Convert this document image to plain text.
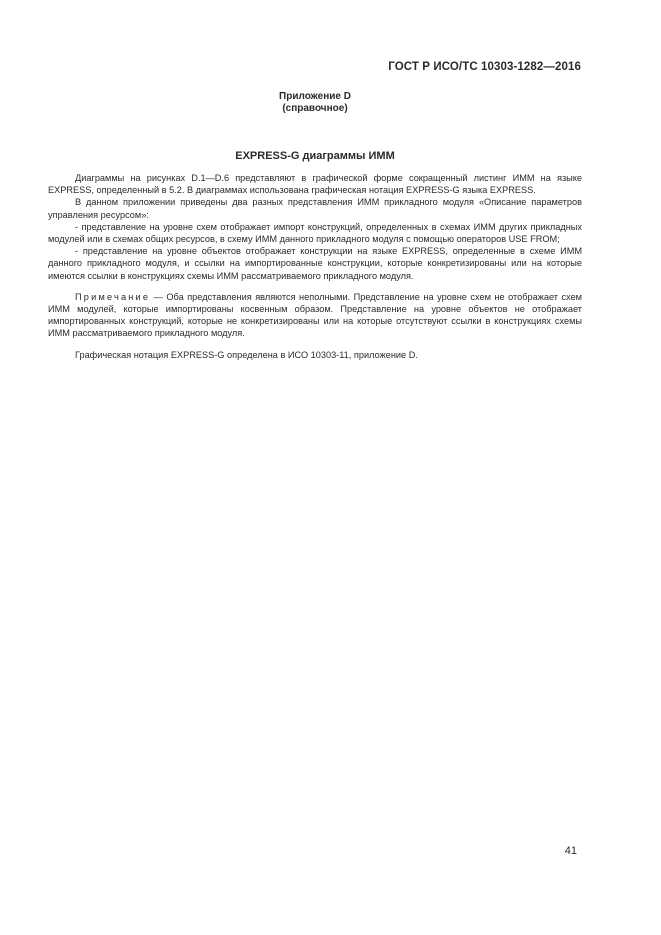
ГОСТ Р ИСО/ТС 10303-1282—2016
Приложение D
(справочное)
EXPRESS-G диаграммы ИММ

Диаграммы на рисунках D.1—D.6 представляют в графической форме сокращенный листинг ИММ на языке EXPRESS, определенный в 5.2. В диаграммах использована графическая нотация EXPRESS-G языка EXPRESS.

В данном приложении приведены два разных представления ИММ прикладного модуля «Описание параметров управления ресурсом»:

- представление на уровне схем отображает импорт конструкций, определенных в схемах ИММ других прикладных модулей или в схемах общих ресурсов, в схему ИММ данного прикладного модуля с помощью операторов USE FROM;

- представление на уровне объектов отображает конструкции на языке EXPRESS, определенные в схеме ИММ данного прикладного модуля, и ссылки на импортированные конструкции, которые конкретизированы или на которые имеются ссылки в конструкциях схемы ИММ рассматриваемого прикладного модуля.

Примечание — Оба представления являются неполными. Представление на уровне схем не отображает схем ИММ модулей, которые импортированы косвенным образом. Представление на уровне объектов не отображает импортированных конструкций, которые не конкретизированы или на которые отсутствуют ссылки в конструкциях схемы ИММ рассматриваемого прикладного модуля.

Графическая нотация EXPRESS-G определена в ИСО 10303-11, приложение D.

41
